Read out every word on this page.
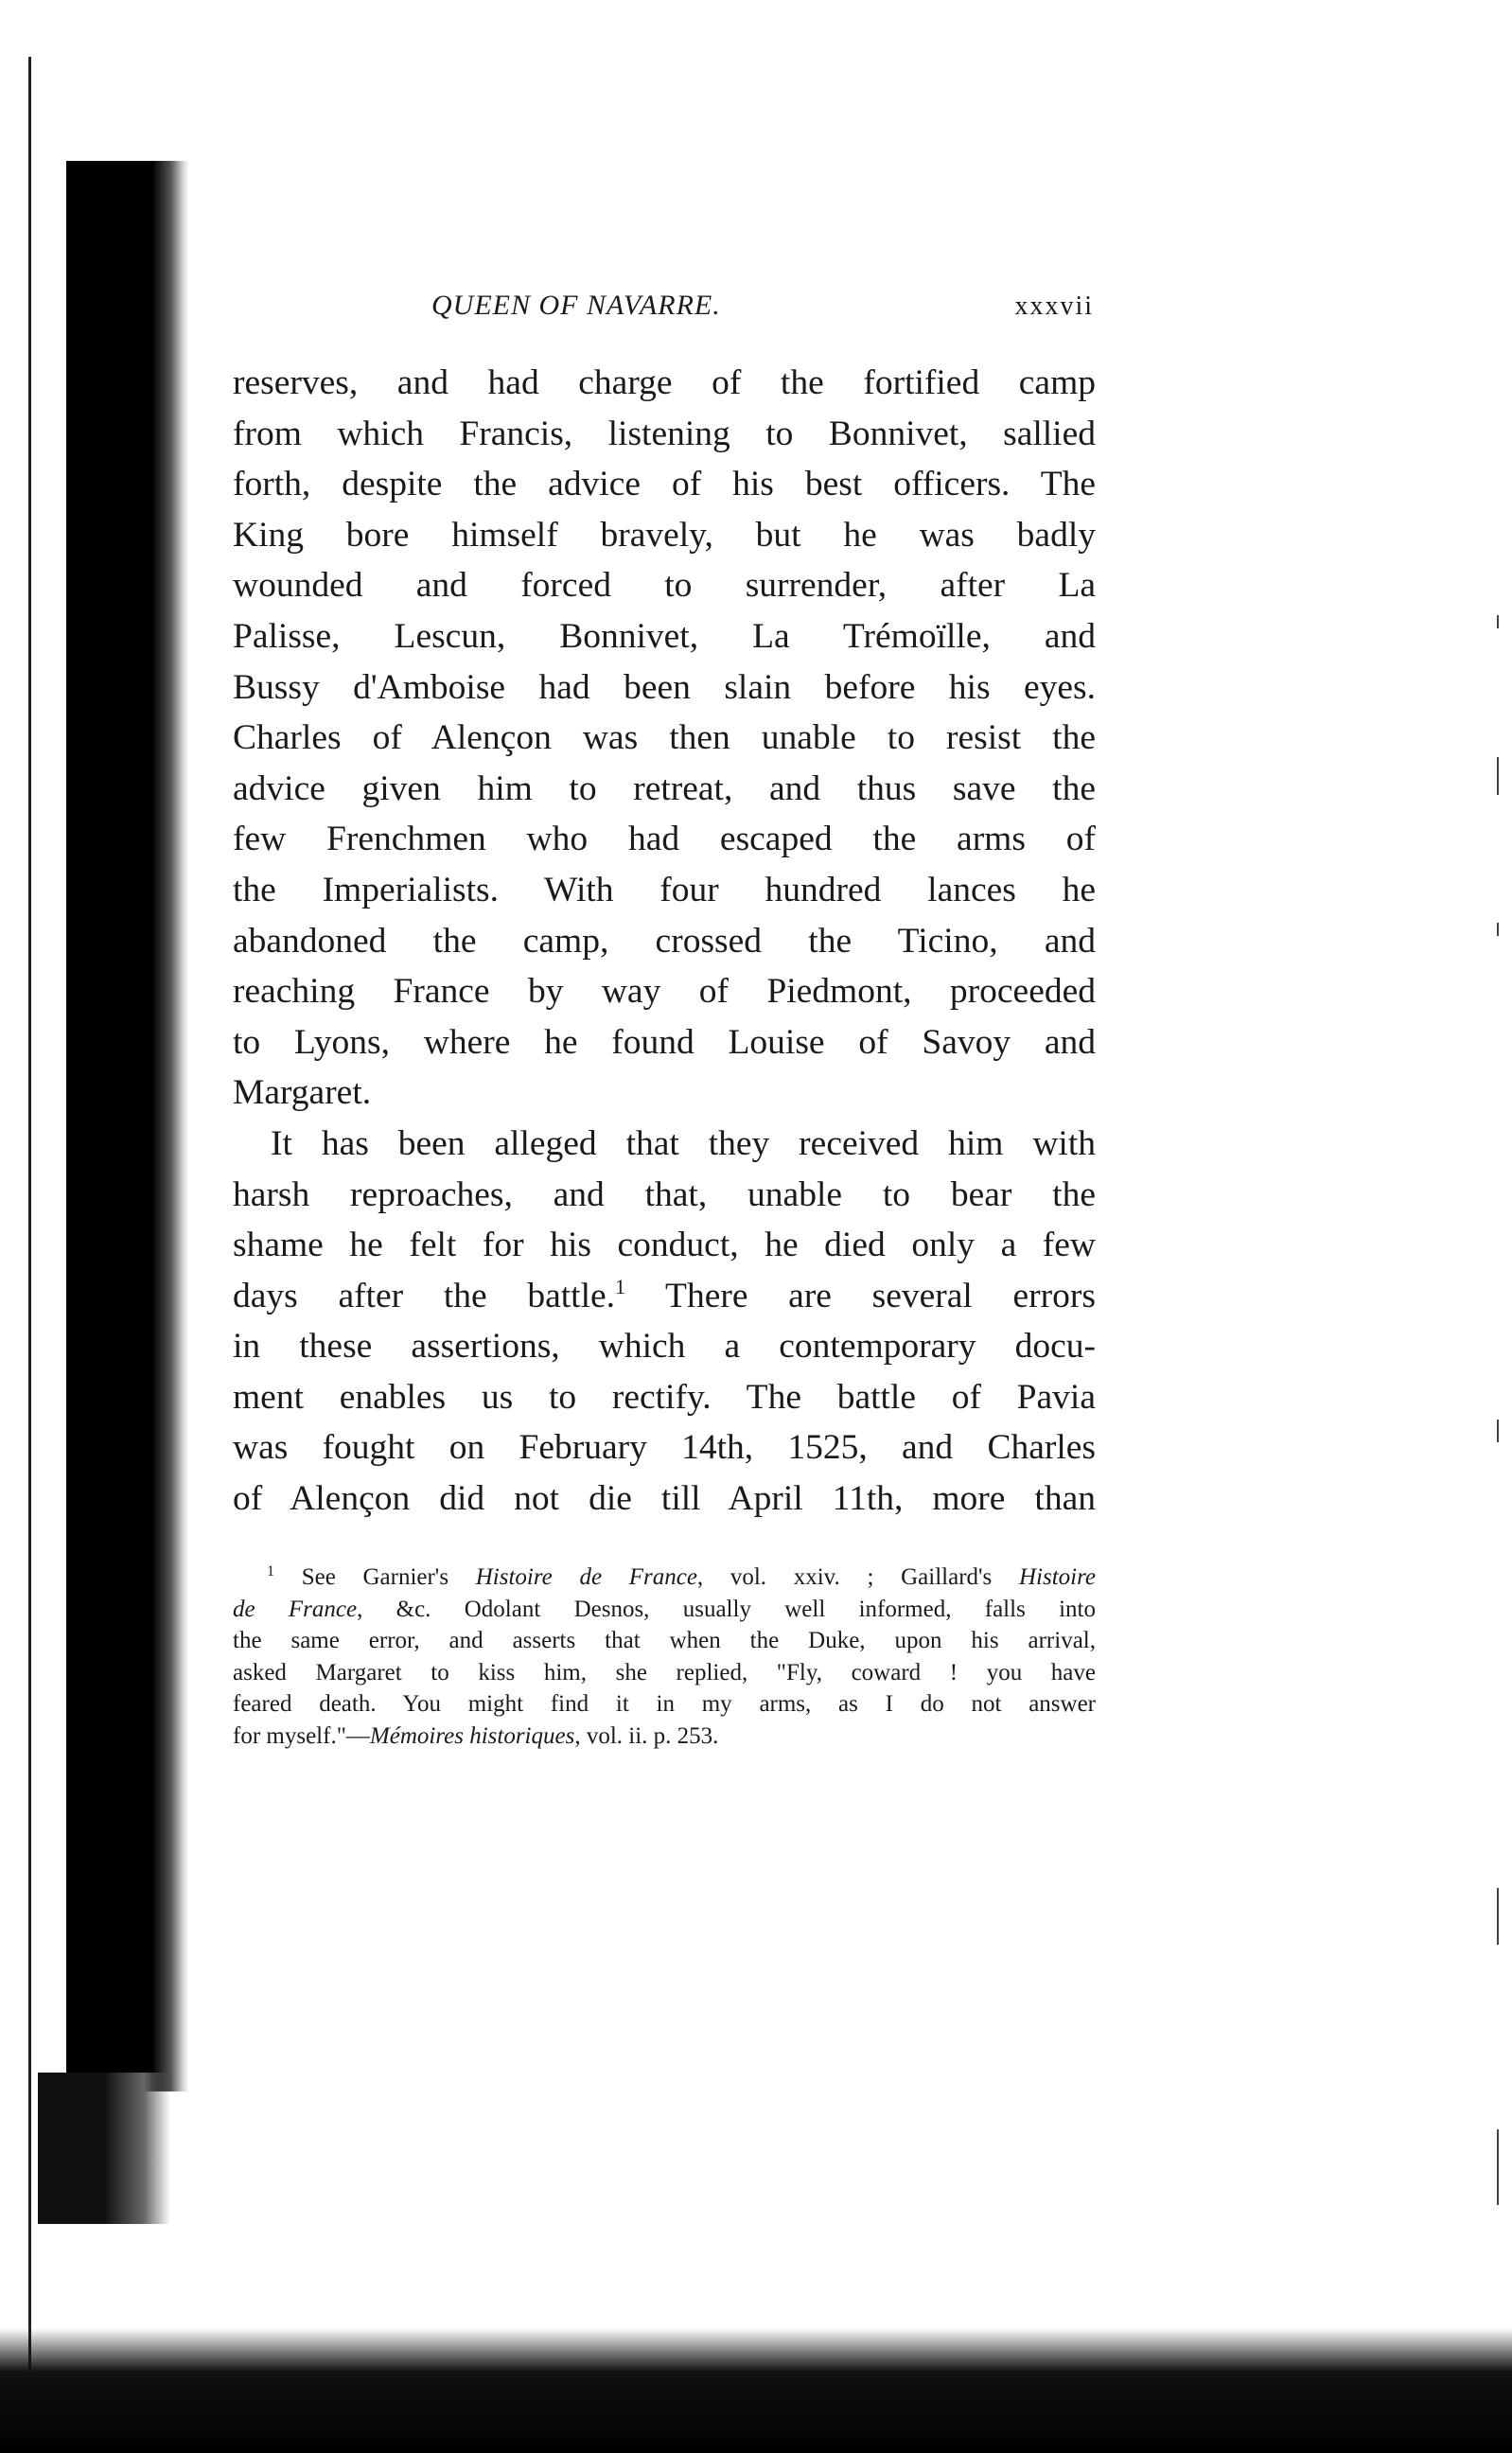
QUEEN OF NAVARRE.	xxxvii

reserves, and had charge of the fortified camp
from which Francis, listening to Bonnivet, sallied
forth, despite the advice of his best officers. The
King bore himself bravely, but he was badly
wounded and forced to surrender, after La
Palisse, Lescun, Bonnivet, La Trémoïlle, and
Bussy d'Amboise had been slain before his eyes.
Charles of Alençon was then unable to resist the
advice given him to retreat, and thus save the
few Frenchmen who had escaped the arms of
the Imperialists. With four hundred lances he
abandoned the camp, crossed the Ticino, and
reaching France by way of Piedmont, proceeded
to Lyons, where he found Louise of Savoy and
Margaret.

It has been alleged that they received him with
harsh reproaches, and that, unable to bear the
shame he felt for his conduct, he died only a few
days after the battle.$^1$ There are several errors
in these assertions, which a contemporary docu-
ment enables us to rectify. The battle of Pavia
was fought on February 14th, 1525, and Charles
of Alençon did not die till April 11th, more than

$^1$ See Garnier's Histoire de France, vol. xxiv. ; Gaillard's Histoire
de France, &c. Odolant Desnos, usually well informed, falls into
the same error, and asserts that when the Duke, upon his arrival,
asked Margaret to kiss him, she replied, "Fly, coward ! you have
feared death. You might find it in my arms, as I do not answer
for myself."—Mémoires historiques, vol. ii. p. 253.
